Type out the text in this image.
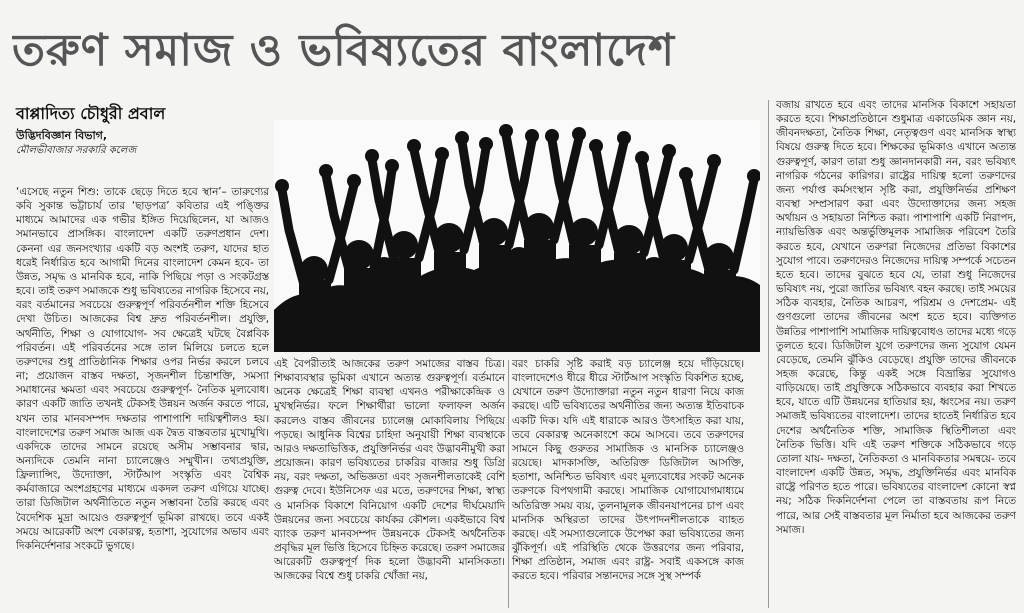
তরুণ সমাজ ও ভবিষ্যতের বাংলাদেশ
বাপ্পাদিত্য চৌধুরী প্রবাল
উদ্ভিদবিজ্ঞান বিভাগ,
মৌলভীবাজার সরকারি কলেজ

‘এসেছে নতুন শিশু: তাকে ছেড়ে দিতে হবে স্থান’– তারুণ্যের কবি সুকান্ত ভট্টাচার্য তার ‘ছাড়পত্র’ কবিতার এই পঙ্ক্তির মাধ্যমে আমাদের এক গভীর ইঙ্গিত দিয়েছিলেন, যা আজও সমানভাবে প্রাসঙ্গিক। বাংলাদেশ একটি তরুণপ্রধান দেশ। কেননা এর জনসংখ্যার একটি বড় অংশই তরুণ, যাদের হাত ধরেই নির্ধারিত হবে আগামী দিনের বাংলাদেশ কেমন হবে- তা উন্নত, সমৃদ্ধ ও মানবিক হবে, নাকি পিছিয়ে পড়া ও সংকটগ্রস্ত হবে। তাই তরুণ সমাজকে শুধু ভবিষ্যতের নাগরিক হিসেবে নয়, বরং বর্তমানের সবচেয়ে গুরুত্বপূর্ণ পরিবর্তনশীল শক্তি হিসেবে দেখা উচিত। আজকের বিশ্ব দ্রুত পরিবর্তনশীল। প্রযুক্তি, অর্থনীতি, শিক্ষা ও যোগাযোগ- সব ক্ষেত্রেই ঘটছে বৈপ্লবিক পরিবর্তন। এই পরিবর্তনের সঙ্গে তাল মিলিয়ে চলতে হলে তরুণদের শুধু প্রাতিষ্ঠানিক শিক্ষার ওপর নির্ভর করলে চলবে না; প্রয়োজন বাস্তব দক্ষতা, সৃজনশীল চিন্তাশক্তি, সমস্যা সমাধানের ক্ষমতা এবং সবচেয়ে গুরুত্বপূর্ণ- নৈতিক মূল্যবোধ। কারণ একটি জাতি তখনই টেকসই উন্নয়ন অর্জন করতে পারে, যখন তার মানবসম্পদ দক্ষতার পাশাপাশি দায়িত্বশীলও হয়। বাংলাদেশের তরুণ সমাজ আজ এক দ্বৈত বাস্তবতার মুখোমুখি। একদিকে তাদের সামনে রয়েছে অসীম সম্ভাবনার দ্বার, অন্যদিকে তেমনি নানা চ্যালেঞ্জেও সম্মুখীন। তথ্যপ্রযুক্তি, ফ্রিল্যান্সিং, উদ্যোক্তা, স্টার্টআপ সংস্কৃতি এবং বৈশ্বিক কর্মবাজারে অংশগ্রহণের মাধ্যমে একদল তরুণ এগিয়ে যাচ্ছে। তারা ডিজিটাল অর্থনীতিতে নতুন সম্ভাবনা তৈরি করছে এবং বৈদেশিক মুদ্রা আয়েও গুরুত্বপূর্ণ ভূমিকা রাখছে। তবে একই সময়ে আরেকটি অংশ বেকারত্ব, হতাশা, সুযোগের অভাব এবং দিকনির্দেশনার সংকটে ভুগছে।

এই বৈপরীত্যই আজকের তরুণ সমাজের বাস্তব চিত্র। শিক্ষাব্যবস্থার ভূমিকা এখানে অত্যন্ত গুরুত্বপূর্ণ। বর্তমানে অনেক ক্ষেত্রেই শিক্ষা ব্যবস্থা এখনও পরীক্ষাকেন্দ্রিক ও মুখস্থনির্ভর। ফলে শিক্ষার্থীরা ভালো ফলাফল অর্জন করলেও বাস্তব জীবনের চ্যালেঞ্জ মোকাবিলায় পিছিয়ে পড়ছে। আধুনিক বিশ্বের চাহিদা অনুযায়ী শিক্ষা ব্যবস্থাকে আরও দক্ষতাভিত্তিক, প্রযুক্তিনির্ভর এবং উদ্ভাবনীমুখী করা প্রয়োজন। কারণ ভবিষ্যতের চাকরির বাজার শুধু ডিগ্রি নয়, বরং দক্ষতা, অভিজ্ঞতা এবং সৃজনশীলতাকেই বেশি গুরুত্ব দেবে। ইউনিসেফ এর মতে, তরুণদের শিক্ষা, স্বাস্থ্য ও মানসিক বিকাশে বিনিয়োগ একটি দেশের দীর্ঘমেয়াদি উন্নয়নের জন্য সবচেয়ে কার্যকর কৌশল। একইভাবে বিশ্ব ব্যাংক তরুণ মানবসম্পদ উন্নয়নকে টেকসই অর্থনৈতিক প্রবৃদ্ধির মূল ভিত্তি হিসেবে চিহ্নিত করেছে। তরুণ সমাজের আরেকটি গুরুত্বপূর্ণ দিক হলো উদ্ভাবনী মানসিকতা। আজকের বিশ্বে শুধু চাকরি খোঁজা নয়,

বরং চাকরি সৃষ্টি করাই বড় চ্যালেঞ্জ হয়ে দাঁড়িয়েছে। বাংলাদেশেও ধীরে ধীরে স্টার্টআপ সংস্কৃতি বিকশিত হচ্ছে, যেখানে তরুণ উদ্যোক্তারা নতুন নতুন ধারণা নিয়ে কাজ করছে। এটি ভবিষ্যতের অর্থনীতির জন্য অত্যন্ত ইতিবাচক একটি দিক। যদি এই ধারাকে আরও উৎসাহিত করা যায়, তবে বেকারত্ব অনেকাংশে কমে আসবে। তবে তরুণদের সামনে কিছু গুরুতর সামাজিক ও মানসিক চ্যালেঞ্জও রয়েছে। মাদকাসক্তি, অতিরিক্ত ডিজিটাল আসক্তি, হতাশা, অনিশ্চিত ভবিষ্যৎ এবং মূল্যবোধের সংকট অনেক তরুণকে বিপথগামী করছে। সামাজিক যোগাযোগমাধ্যমে অতিরিক্ত সময় ব্যয়, তুলনামূলক জীবনযাপনের চাপ এবং মানসিক অস্থিরতা তাদের উৎপাদনশীলতাকে ব্যাহত করছে। এই সমস্যাগুলোকে উপেক্ষা করা ভবিষ্যতের জন্য ঝুঁকিপূর্ণ। এই পরিস্থিতি থেকে উত্তরণের জন্য পরিবার, শিক্ষা প্রতিষ্ঠান, সমাজ এবং রাষ্ট্র- সবাই একসঙ্গে কাজ করতে হবে। পরিবার সন্তানদের সঙ্গে সুস্থ সম্পর্ক

বজায় রাখতে হবে এবং তাদের মানসিক বিকাশে সহায়তা করতে হবে। শিক্ষাপ্রতিষ্ঠানে শুধুমাত্র একাডেমিক জ্ঞান নয়, জীবনদক্ষতা, নৈতিক শিক্ষা, নেতৃত্বগুণ এবং মানসিক স্বাস্থ্য বিষয়ে গুরুত্ব দিতে হবে। শিক্ষকের ভূমিকাও এখানে অত্যন্ত গুরুত্বপূর্ণ, কারণ তারা শুধু জ্ঞানদানকারী নন, বরং ভবিষ্যৎ নাগরিক গঠনের কারিগর। রাষ্ট্রের দায়িত্ব হলো তরুণদের জন্য পর্যাপ্ত কর্মসংস্থান সৃষ্টি করা, প্রযুক্তিনির্ভর প্রশিক্ষণ ব্যবস্থা সম্প্রসারণ করা এবং উদ্যোক্তাদের জন্য সহজ অর্থায়ন ও সহায়তা নিশ্চিত করা। পাশাপাশি একটি নিরাপদ, ন্যায়ভিত্তিক এবং অন্তর্ভুক্তিমূলক সামাজিক পরিবেশ তৈরি করতে হবে, যেখানে তরুণরা নিজেদের প্রতিভা বিকাশের সুযোগ পাবে। তরুণদেরও নিজেদের দায়িত্ব সম্পর্কে সচেতন হতে হবে। তাদের বুঝতে হবে যে, তারা শুধু নিজেদের ভবিষ্যৎ নয়, পুরো জাতির ভবিষ্যৎ বহন করছে। তাই সময়ের সঠিক ব্যবহার, নৈতিক আচরণ, পরিশ্রম ও দেশপ্রেম- এই গুণগুলো তাদের জীবনের অংশ হতে হবে। ব্যক্তিগত উন্নতির পাশাপাশি সামাজিক দায়িত্ববোধও তাদের মধ্যে গড়ে তুলতে হবে। ডিজিটাল যুগে তরুণদের জন্য সুযোগ যেমন বেড়েছে, তেমনি ঝুঁকিও বেড়েছে। প্রযুক্তি তাদের জীবনকে সহজ করেছে, কিন্তু একই সঙ্গে বিভ্রান্তির সুযোগও বাড়িয়েছে। তাই প্রযুক্তিকে সঠিকভাবে ব্যবহার করা শিখতে হবে, যাতে এটি উন্নয়নের হাতিয়ার হয়, ধ্বংসের নয়। তরুণ সমাজই ভবিষ্যতের বাংলাদেশ। তাদের হাতেই নির্ধারিত হবে দেশের অর্থনৈতিক শক্তি, সামাজিক স্থিতিশীলতা এবং নৈতিক ভিত্তি। যদি এই তরুণ শক্তিকে সঠিকভাবে গড়ে তোলা যায়- দক্ষতা, নৈতিকতা ও মানবিকতার সমন্বয়ে- তবে বাংলাদেশ একটি উন্নত, সমৃদ্ধ, প্রযুক্তিনির্ভর এবং মানবিক রাষ্ট্রে পরিণত হতে পারে। ভবিষ্যতের বাংলাদেশ কোনো স্বপ্ন নয়; সঠিক দিকনির্দেশনা পেলে তা বাস্তবতায় রূপ নিতে পারে, আর সেই বাস্তবতার মূল নির্মাতা হবে আজকের তরুণ সমাজ।
